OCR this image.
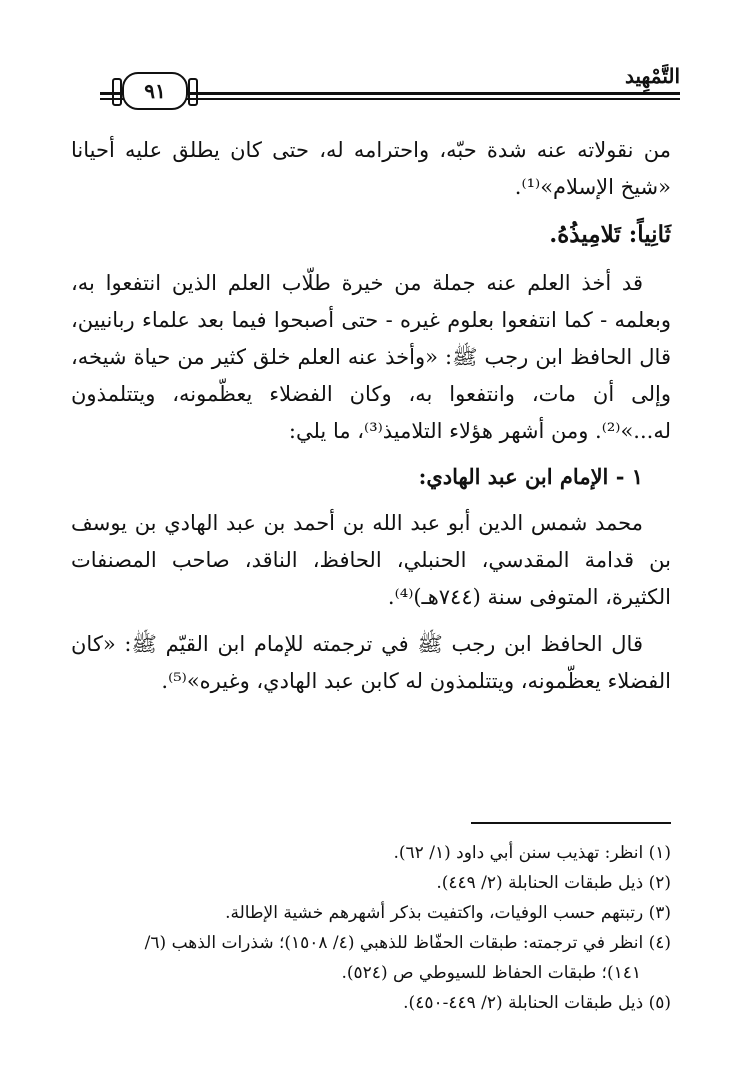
التَّمْهِيد
٩١

من نقولاته عنه شدة حبّه، واحترامه له، حتى كان يطلق عليه أحيانا «شيخ الإسلام»⁽¹⁾.

ثَانِياً: تَلامِيذُهُ.

قد أخذ العلم عنه جملة من خيرة طلّاب العلم الذين انتفعوا به، وبعلمه - كما انتفعوا بعلوم غيره - حتى أصبحوا فيما بعد علماء ربانيين، قال الحافظ ابن رجب ﷺ: «وأخذ عنه العلم خلق كثير من حياة شيخه، وإلى أن مات، وانتفعوا به، وكان الفضلاء يعظّمونه، ويتتلمذون له...»⁽²⁾. ومن أشهر هؤلاء التلاميذ⁽³⁾، ما يلي:

١ - الإمام ابن عبد الهادي:

محمد شمس الدين أبو عبد الله بن أحمد بن عبد الهادي بن يوسف بن قدامة المقدسي، الحنبلي، الحافظ، الناقد، صاحب المصنفات الكثيرة، المتوفى سنة (٧٤٤هـ)⁽⁴⁾.

قال الحافظ ابن رجب ﷺ في ترجمته للإمام ابن القيّم ﷺ: «كان الفضلاء يعظّمونه، ويتتلمذون له كابن عبد الهادي، وغيره»⁽⁵⁾.

(١) انظر: تهذيب سنن أبي داود (١/ ٦٢).
(٢) ذيل طبقات الحنابلة (٢/ ٤٤٩).
(٣) رتبتهم حسب الوفيات، واكتفيت بذكر أشهرهم خشية الإطالة.
(٤) انظر في ترجمته: طبقات الحفّاظ للذهبي (٤/ ١٥٠٨)؛ شذرات الذهب (٦/
١٤١)؛ طبقات الحفاظ للسيوطي ص (٥٢٤).
(٥) ذيل طبقات الحنابلة (٢/ ٤٤٩-٤٥٠).
